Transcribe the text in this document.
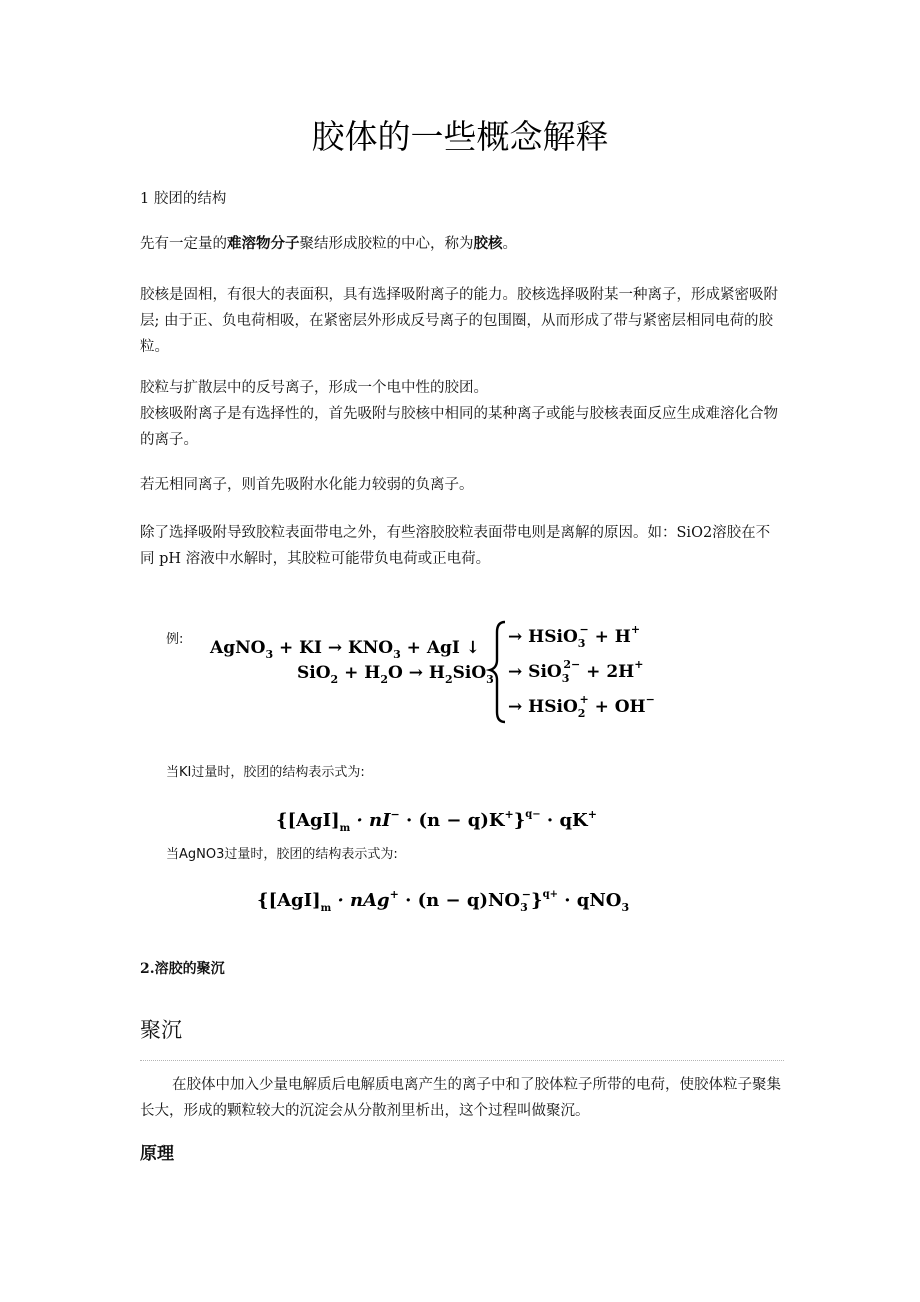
胶体的一些概念解释
1 胶团的结构
先有一定量的难溶物分子聚结形成胶粒的中心，称为胶核。
胶核是固相，有很大的表面积，具有选择吸附离子的能力。胶核选择吸附某一种离子，形成紧密吸附层; 由于正、负电荷相吸，在紧密层外形成反号离子的包围圈，从而形成了带与紧密层相同电荷的胶粒。
胶粒与扩散层中的反号离子，形成一个电中性的胶团。
胶核吸附离子是有选择性的，首先吸附与胶核中相同的某种离子或能与胶核表面反应生成难溶化合物的离子。
若无相同离子，则首先吸附水化能力较弱的负离子。
除了选择吸附导致胶粒表面带电之外，有些溶胶胶粒表面带电则是离解的原因。如：SiO2溶胶在不同 pH 溶液中水解时，其胶粒可能带负电荷或正电荷。
例: AgNO$_3$ + KI → $KNO_3$ + AgI ↓
$SiO_2 + H_2O \to H_2SiO_3$
→ HSiO$_3$− + H+
→ SiO$_3$2− + 2H+
→ HSiO$_2$+ + OH−
$\{[AgI]_m \cdot nI^- \cdot (n - q)K^+\}^{q-} \cdot qK^+$
$\{[AgI]_m \cdot nAg^+ \cdot (n - q)NO_3-\}^{q+} \cdot qNO_3$
当KI过量时，胶团的结构表示式为:
当AgNO3过量时，胶团的结构表示式为:
2.溶胶的聚沉
聚沉
在胶体中加入少量电解质后电解质电离产生的离子中和了胶体粒子所带的电荷，使胶体粒子聚集长大，形成的颗粒较大的沉淀会从分散剂里析出，这个过程叫做聚沉。
原理
